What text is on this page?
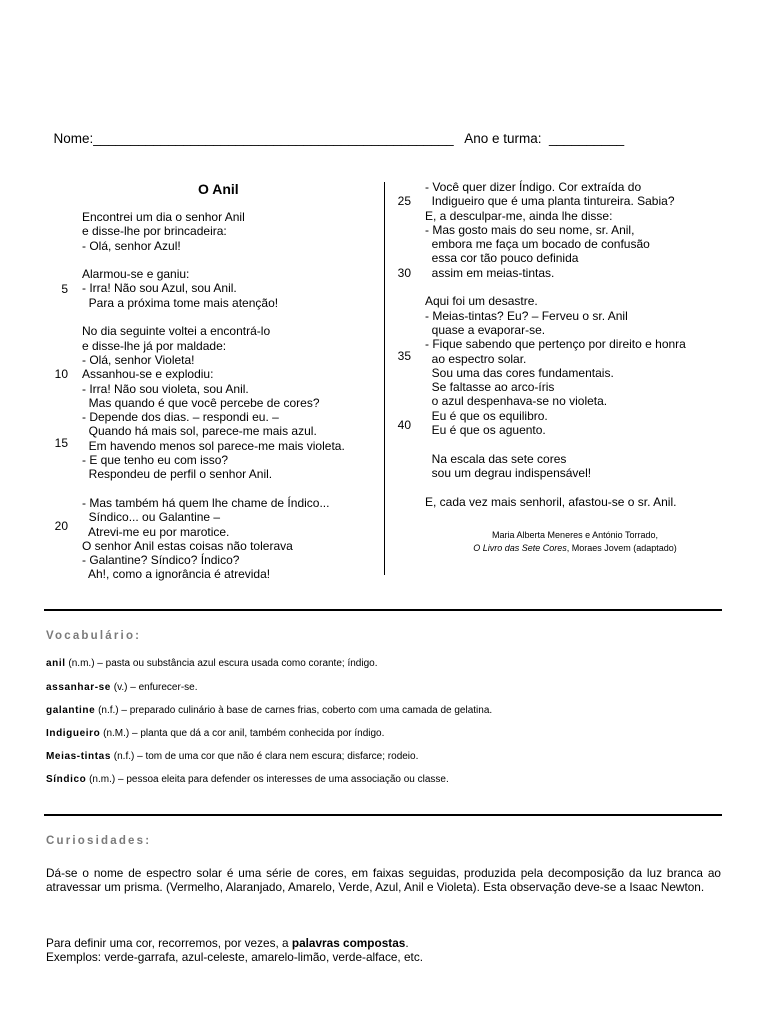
Nome:________________________________________________ Ano e turma: __________

O Anil
Encontrei um dia o senhor Anil
e disse-lhe por brincadeira:
- Olá, senhor Azul!
Alarmou-se e ganiu:
- Irra! Não sou Azul, sou Anil.
Para a próxima tome mais atenção!
No dia seguinte voltei a encontrá-lo
e disse-lhe já por maldade:
- Olá, senhor Violeta!
Assanhou-se e explodiu:
- Irra! Não sou violeta, sou Anil.
Mas quando é que você percebe de cores?
- Depende dos dias. – respondi eu. –
Quando há mais sol, parece-me mais azul.
Em havendo menos sol parece-me mais violeta.
- E que tenho eu com isso?
Respondeu de perfil o senhor Anil.
- Mas também há quem lhe chame de Índico...
Síndico... ou Galantine –
Atrevi-me eu por marotice.
O senhor Anil estas coisas não tolerava
- Galantine? Síndico? Índico?
Ah!, como a ignorância é atrevida!
5
10
15
20
- Você quer dizer Índigo. Cor extraída do
Indigueiro que é uma planta tintureira. Sabia?
E, a desculpar-me, ainda lhe disse:
- Mas gosto mais do seu nome, sr. Anil,
embora me faça um bocado de confusão
essa cor tão pouco definida
assim em meias-tintas.
Aqui foi um desastre.
- Meias-tintas? Eu? – Ferveu o sr. Anil
quase a evaporar-se.
- Fique sabendo que pertenço por direito e honra
ao espectro solar.
Sou uma das cores fundamentais.
Se faltasse ao arco-íris
o azul despenhava-se no violeta.
Eu é que os equilibro.
Eu é que os aguento.
Na escala das sete cores
sou um degrau indispensável!
E, cada vez mais senhoril, afastou-se o sr. Anil.
25
30
35
40
Maria Alberta Meneres e António Torrado,
O Livro das Sete Cores, Moraes Jovem (adaptado)
Vocabulário:
anil (n.m.) – pasta ou substância azul escura usada como corante; índigo.
assanhar-se (v.) – enfurecer-se.
galantine (n.f.) – preparado culinário à base de carnes frias, coberto com uma camada de gelatina.
Indigueiro (n.M.) – planta que dá a cor anil, também conhecida por índigo.
Meias-tintas (n.f.) – tom de uma cor que não é clara nem escura; disfarce; rodeio.
Síndico (n.m.) – pessoa eleita para defender os interesses de uma associação ou classe.
Curiosidades:
Dá-se o nome de espectro solar é uma série de cores, em faixas seguidas, produzida pela decomposição da luz branca ao atravessar um prisma. (Vermelho, Alaranjado, Amarelo, Verde, Azul, Anil e Violeta). Esta observação deve-se a Isaac Newton.
Para definir uma cor, recorremos, por vezes, a palavras compostas.
Exemplos: verde-garrafa, azul-celeste, amarelo-limão, verde-alface, etc.
